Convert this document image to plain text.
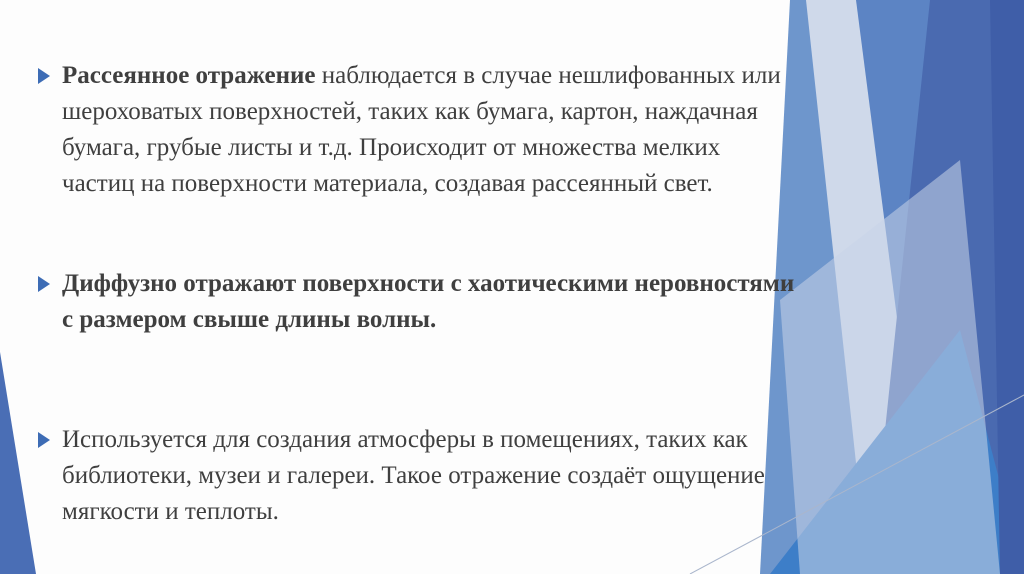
Рассеянное отражение наблюдается в случае нешлифованных или шероховатых поверхностей, таких как бумага, картон, наждачная бумага, грубые листы и т.д. Происходит от множества мелких частиц на поверхности материала, создавая рассеянный свет.
Диффузно отражают поверхности с хаотическими неровностями с размером свыше длины волны.
Используется для создания атмосферы в помещениях, таких как библиотеки, музеи и галереи. Такое отражение создаёт ощущение мягкости и теплоты.
